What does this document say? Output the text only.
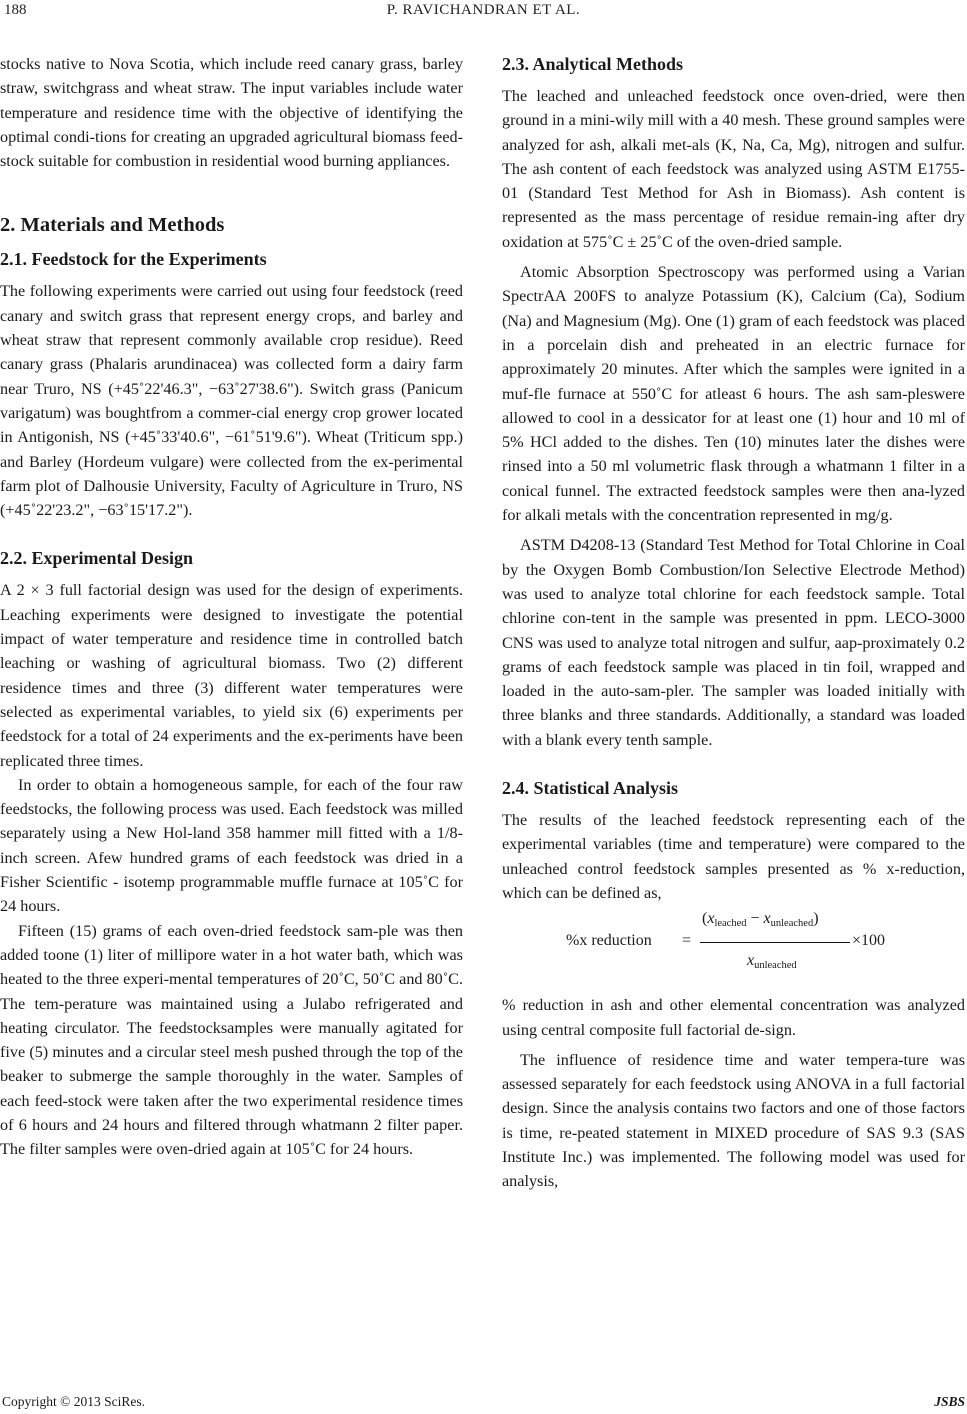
188	P. RAVICHANDRAN ET AL.

stocks native to Nova Scotia, which include reed canary grass, barley straw, switchgrass and wheat straw. The input variables include water temperature and residence time with the objective of identifying the optimal condi-tions for creating an upgraded agricultural biomass feed-stock suitable for combustion in residential wood burning appliances.

2. Materials and Methods
2.1. Feedstock for the Experiments

The following experiments were carried out using four feedstock (reed canary and switch grass that represent energy crops, and barley and wheat straw that represent commonly available crop residue). Reed canary grass (Phalaris arundinacea) was collected form a dairy farm near Truro, NS (+45˚22'46.3", −63˚27'38.6"). Switch grass (Panicum varigatum) was boughtfrom a commer-cial energy crop grower located in Antigonish, NS (+45˚33'40.6", −61˚51'9.6"). Wheat (Triticum spp.) and Barley (Hordeum vulgare) were collected from the ex-perimental farm plot of Dalhousie University, Faculty of Agriculture in Truro, NS (+45˚22'23.2", −63˚15'17.2").

2.2. Experimental Design

A 2 × 3 full factorial design was used for the design of experiments. Leaching experiments were designed to investigate the potential impact of water temperature and residence time in controlled batch leaching or washing of agricultural biomass. Two (2) different residence times and three (3) different water temperatures were selected as experimental variables, to yield six (6) experiments per feedstock for a total of 24 experiments and the ex-periments have been replicated three times.

In order to obtain a homogeneous sample, for each of the four raw feedstocks, the following process was used. Each feedstock was milled separately using a New Hol-land 358 hammer mill fitted with a 1/8-inch screen. Afew hundred grams of each feedstock was dried in a Fisher Scientific - isotemp programmable muffle furnace at 105˚C for 24 hours.

Fifteen (15) grams of each oven-dried feedstock sam-ple was then added toone (1) liter of millipore water in a hot water bath, which was heated to the three experi-mental temperatures of 20˚C, 50˚C and 80˚C. The tem-perature was maintained using a Julabo refrigerated and heating circulator. The feedstocksamples were manually agitated for five (5) minutes and a circular steel mesh pushed through the top of the beaker to submerge the sample thoroughly in the water. Samples of each feed-stock were taken after the two experimental residence times of 6 hours and 24 hours and filtered through whatmann 2 filter paper. The filter samples were oven-dried again at 105˚C for 24 hours.

2.3. Analytical Methods

The leached and unleached feedstock once oven-dried, were then ground in a mini-wily mill with a 40 mesh. These ground samples were analyzed for ash, alkali met-als (K, Na, Ca, Mg), nitrogen and sulfur. The ash content of each feedstock was analyzed using ASTM E1755-01 (Standard Test Method for Ash in Biomass). Ash content is represented as the mass percentage of residue remain-ing after dry oxidation at 575˚C ± 25˚C of the oven-dried sample.

Atomic Absorption Spectroscopy was performed using a Varian SpectrAA 200FS to analyze Potassium (K), Calcium (Ca), Sodium (Na) and Magnesium (Mg). One (1) gram of each feedstock was placed in a porcelain dish and preheated in an electric furnace for approximately 20 minutes. After which the samples were ignited in a muf-fle furnace at 550˚C for atleast 6 hours. The ash sam-pleswere allowed to cool in a dessicator for at least one (1) hour and 10 ml of 5% HCl added to the dishes. Ten (10) minutes later the dishes were rinsed into a 50 ml volumetric flask through a whatmann 1 filter in a conical funnel. The extracted feedstock samples were then ana-lyzed for alkali metals with the concentration represented in mg/g.

ASTM D4208-13 (Standard Test Method for Total Chlorine in Coal by the Oxygen Bomb Combustion/Ion Selective Electrode Method) was used to analyze total chlorine for each feedstock sample. Total chlorine con-tent in the sample was presented in ppm. LECO-3000 CNS was used to analyze total nitrogen and sulfur, aap-proximately 0.2 grams of each feedstock sample was placed in tin foil, wrapped and loaded in the auto-sam-pler. The sampler was loaded initially with three blanks and three standards. Additionally, a standard was loaded with a blank every tenth sample.

2.4. Statistical Analysis

The results of the leached feedstock representing each of the experimental variables (time and temperature) were compared to the unleached control feedstock samples presented as % x-reduction, which can be defined as,

%x reduction =
$(x_{leached} - x_{unleached})$
$x_{unleached}$
×100

% reduction in ash and other elemental concentration was analyzed using central composite full factorial de-sign.

The influence of residence time and water tempera-ture was assessed separately for each feedstock using ANOVA in a full factorial design. Since the analysis contains two factors and one of those factors is time, re-peated statement in MIXED procedure of SAS 9.3 (SAS Institute Inc.) was implemented. The following model was used for analysis,

Copyright © 2013 SciRes.	JSBS
